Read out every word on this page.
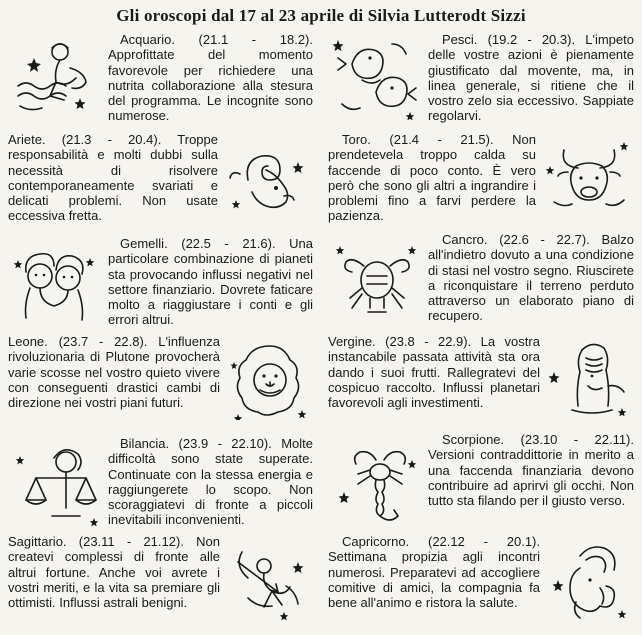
Gli oroscopi dal 17 al 23 aprile di Silvia Lutterodt Sizzi
Acquario. (21.1 - 18.2). Approfittate del momento favorevole per richiedere una nutrita collaborazione alla stesura del programma. Le incognite sono numerose.
Ariete. (21.3 - 20.4). Troppe responsabilità e molti dubbi sulla necessità di risolvere contemporaneamente svariati e delicati problemi. Non usate eccessiva fretta.
Gemelli. (22.5 - 21.6). Una particolare combinazione di pianeti sta provocando influssi negativi nel settore finanziario. Dovrete faticare molto a riaggiustare i conti e gli errori altrui.
Leone. (23.7 - 22.8). L'influenza rivoluzionaria di Plutone provocherà varie scosse nel vostro quieto vivere con conseguenti drastici cambi di direzione nei vostri piani futuri.
Bilancia. (23.9 - 22.10). Molte difficoltà sono state superate. Continuate con la stessa energia e raggiungerete lo scopo. Non scoraggiatevi di fronte a piccoli inevitabili inconvenienti.
Sagittario. (23.11 - 21.12). Non createvi complessi di fronte alle altrui fortune. Anche voi avrete i vostri meriti, e la vita sa premiare gli ottimisti. Influssi astrali benigni.
Pesci. (19.2 - 20.3). L'impeto delle vostre azioni è pienamente giustificato dal movente, ma, in linea generale, si ritiene che il vostro zelo sia eccessivo. Sappiate regolarvi.
Toro. (21.4 - 21.5). Non prendetevela troppo calda su faccende di poco conto. È vero però che sono gli altri a ingrandire i problemi fino a farvi perdere la pazienza.
Cancro. (22.6 - 22.7). Balzo all'indietro dovuto a una condizione di stasi nel vostro segno. Riuscirete a riconquistare il terreno perduto attraverso un elaborato piano di recupero.
Vergine. (23.8 - 22.9). La vostra instancabile passata attività sta ora dando i suoi frutti. Rallegratevi del cospicuo raccolto. Influssi planetari favorevoli agli investimenti.
Scorpione. (23.10 - 22.11). Versioni contraddittorie in merito a una faccenda finanziaria devono contribuire ad aprirvi gli occhi. Non tutto sta filando per il giusto verso.
Capricorno. (22.12 - 20.1). Settimana propizia agli incontri numerosi. Preparatevi ad accogliere comitive di amici, la compagnia fa bene all'animo e ristora la salute.
